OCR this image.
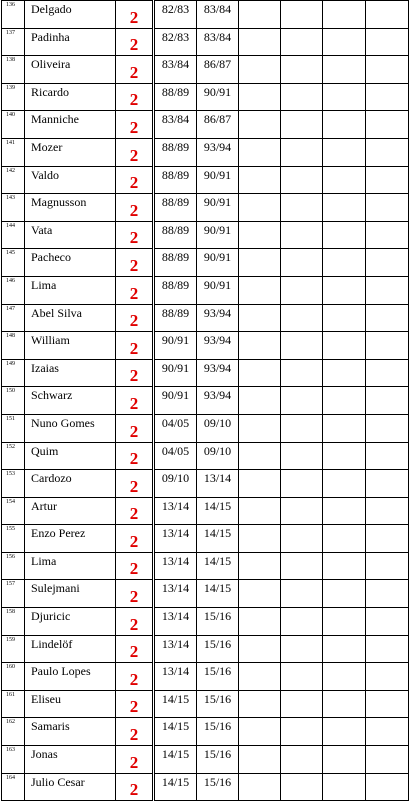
136	Delgado	2	82/83	83/84				
137	Padinha	2	82/83	83/84				
138	Oliveira	2	83/84	86/87				
139	Ricardo	2	88/89	90/91				
140	Manniche	2	83/84	86/87				
141	Mozer	2	88/89	93/94				
142	Valdo	2	88/89	90/91				
143	Magnusson	2	88/89	90/91				
144	Vata	2	88/89	90/91				
145	Pacheco	2	88/89	90/91				
146	Lima	2	88/89	90/91				
147	Abel Silva	2	88/89	93/94				
148	William	2	90/91	93/94				
149	Izaias	2	90/91	93/94				
150	Schwarz	2	90/91	93/94				
151	Nuno Gomes	2	04/05	09/10				
152	Quim	2	04/05	09/10				
153	Cardozo	2	09/10	13/14				
154	Artur	2	13/14	14/15				
155	Enzo Perez	2	13/14	14/15				
156	Lima	2	13/14	14/15				
157	Sulejmani	2	13/14	14/15				
158	Djuricic	2	13/14	15/16				
159	Lindelöf	2	13/14	15/16				
160	Paulo Lopes	2	13/14	15/16				
161	Eliseu	2	14/15	15/16				
162	Samaris	2	14/15	15/16				
163	Jonas	2	14/15	15/16				
164	Julio Cesar	2	14/15	15/16				
